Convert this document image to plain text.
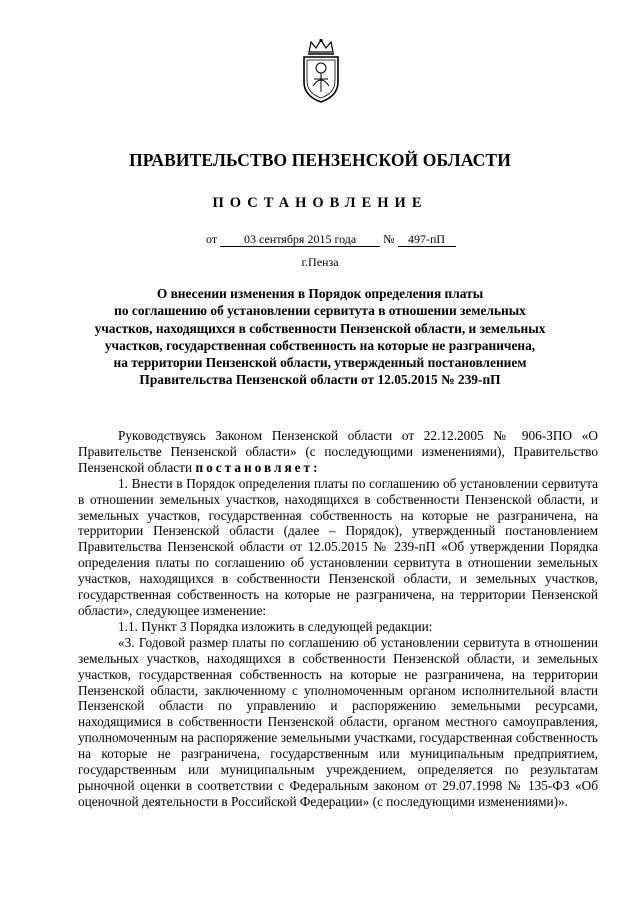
ПРАВИТЕЛЬСТВО ПЕНЗЕНСКОЙ ОБЛАСТИ
ПОСТАНОВЛЕНИЕ
от 03 сентября 2015 года № 497-пП
г.Пенза
О внесении изменения в Порядок определения платы
по соглашению об установлении сервитута в отношении земельных
участков, находящихся в собственности Пензенской области, и земельных
участков, государственная собственность на которые не разграничена,
на территории Пензенской области, утвержденный постановлением
Правительства Пензенской области от 12.05.2015 № 239-пП

Руководствуясь Законом Пензенской области от 22.12.2005 № 906-ЗПО «О Правительстве Пензенской области» (с последующими изменениями), Правительство Пензенской области постановляет:

1. Внести в Порядок определения платы по соглашению об установлении сервитута в отношении земельных участков, находящихся в собственности Пензенской области, и земельных участков, государственная собственность на которые не разграничена, на территории Пензенской области (далее – Порядок), утвержденный постановлением Правительства Пензенской области от 12.05.2015 № 239-пП «Об утверждении Порядка определения платы по соглашению об установлении сервитута в отношении земельных участков, находящихся в собственности Пензенской области, и земельных участков, государственная собственность на которые не разграничена, на территории Пензенской области», следующее изменение:

1.1. Пункт 3 Порядка изложить в следующей редакции:

«3. Годовой размер платы по соглашению об установлении сервитута в отношении земельных участков, находящихся в собственности Пензенской области, и земельных участков, государственная собственность на которые не разграничена, на территории Пензенской области, заключенному с уполномоченным органом исполнительной власти Пензенской области по управлению и распоряжению земельными ресурсами, находящимися в собственности Пензенской области, органом местного самоуправления, уполномоченным на распоряжение земельными участками, государственная собственность на которые не разграничена, государственным или муниципальным предприятием, государственным или муниципальным учреждением, определяется по результатам рыночной оценки в соответствии с Федеральным законом от 29.07.1998 № 135-ФЗ «Об оценочной деятельности в Российской Федерации» (с последующими изменениями)».
